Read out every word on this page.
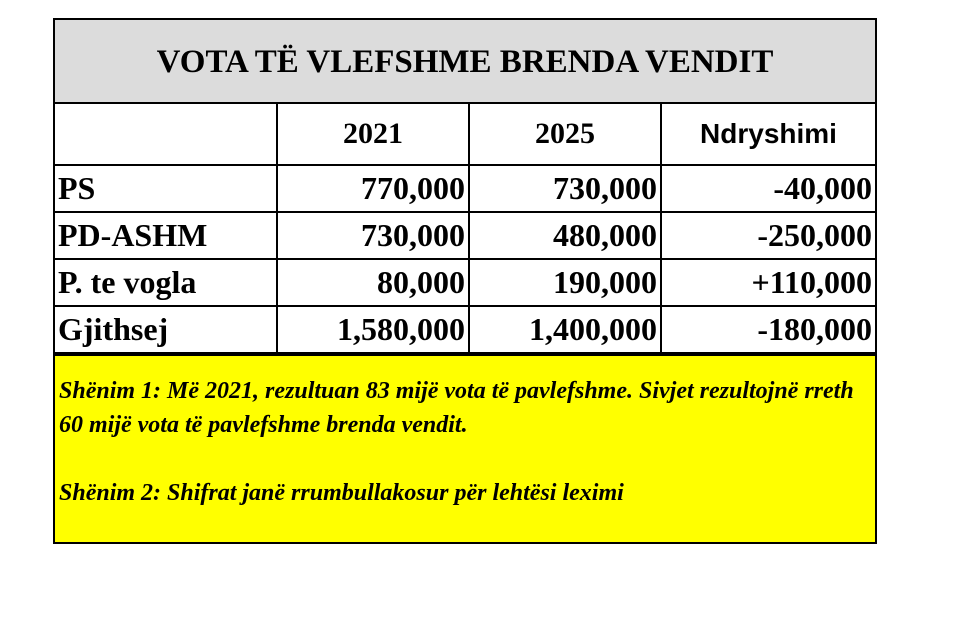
VOTA TË VLEFSHME BRENDA VENDIT
	2021	2025	Ndryshimi
PS	770,000	730,000	-40,000
PD-ASHM	730,000	480,000	-250,000
P. te vogla	80,000	190,000	+110,000
Gjithsej	1,580,000	1,400,000	-180,000

Shënim 1: Më 2021, rezultuan 83 mijë vota të pavlefshme. Sivjet rezultojnë rreth 60 mijë vota të pavlefshme brenda vendit.

Shënim 2: Shifrat janë rrumbullakosur për lehtësi leximi
